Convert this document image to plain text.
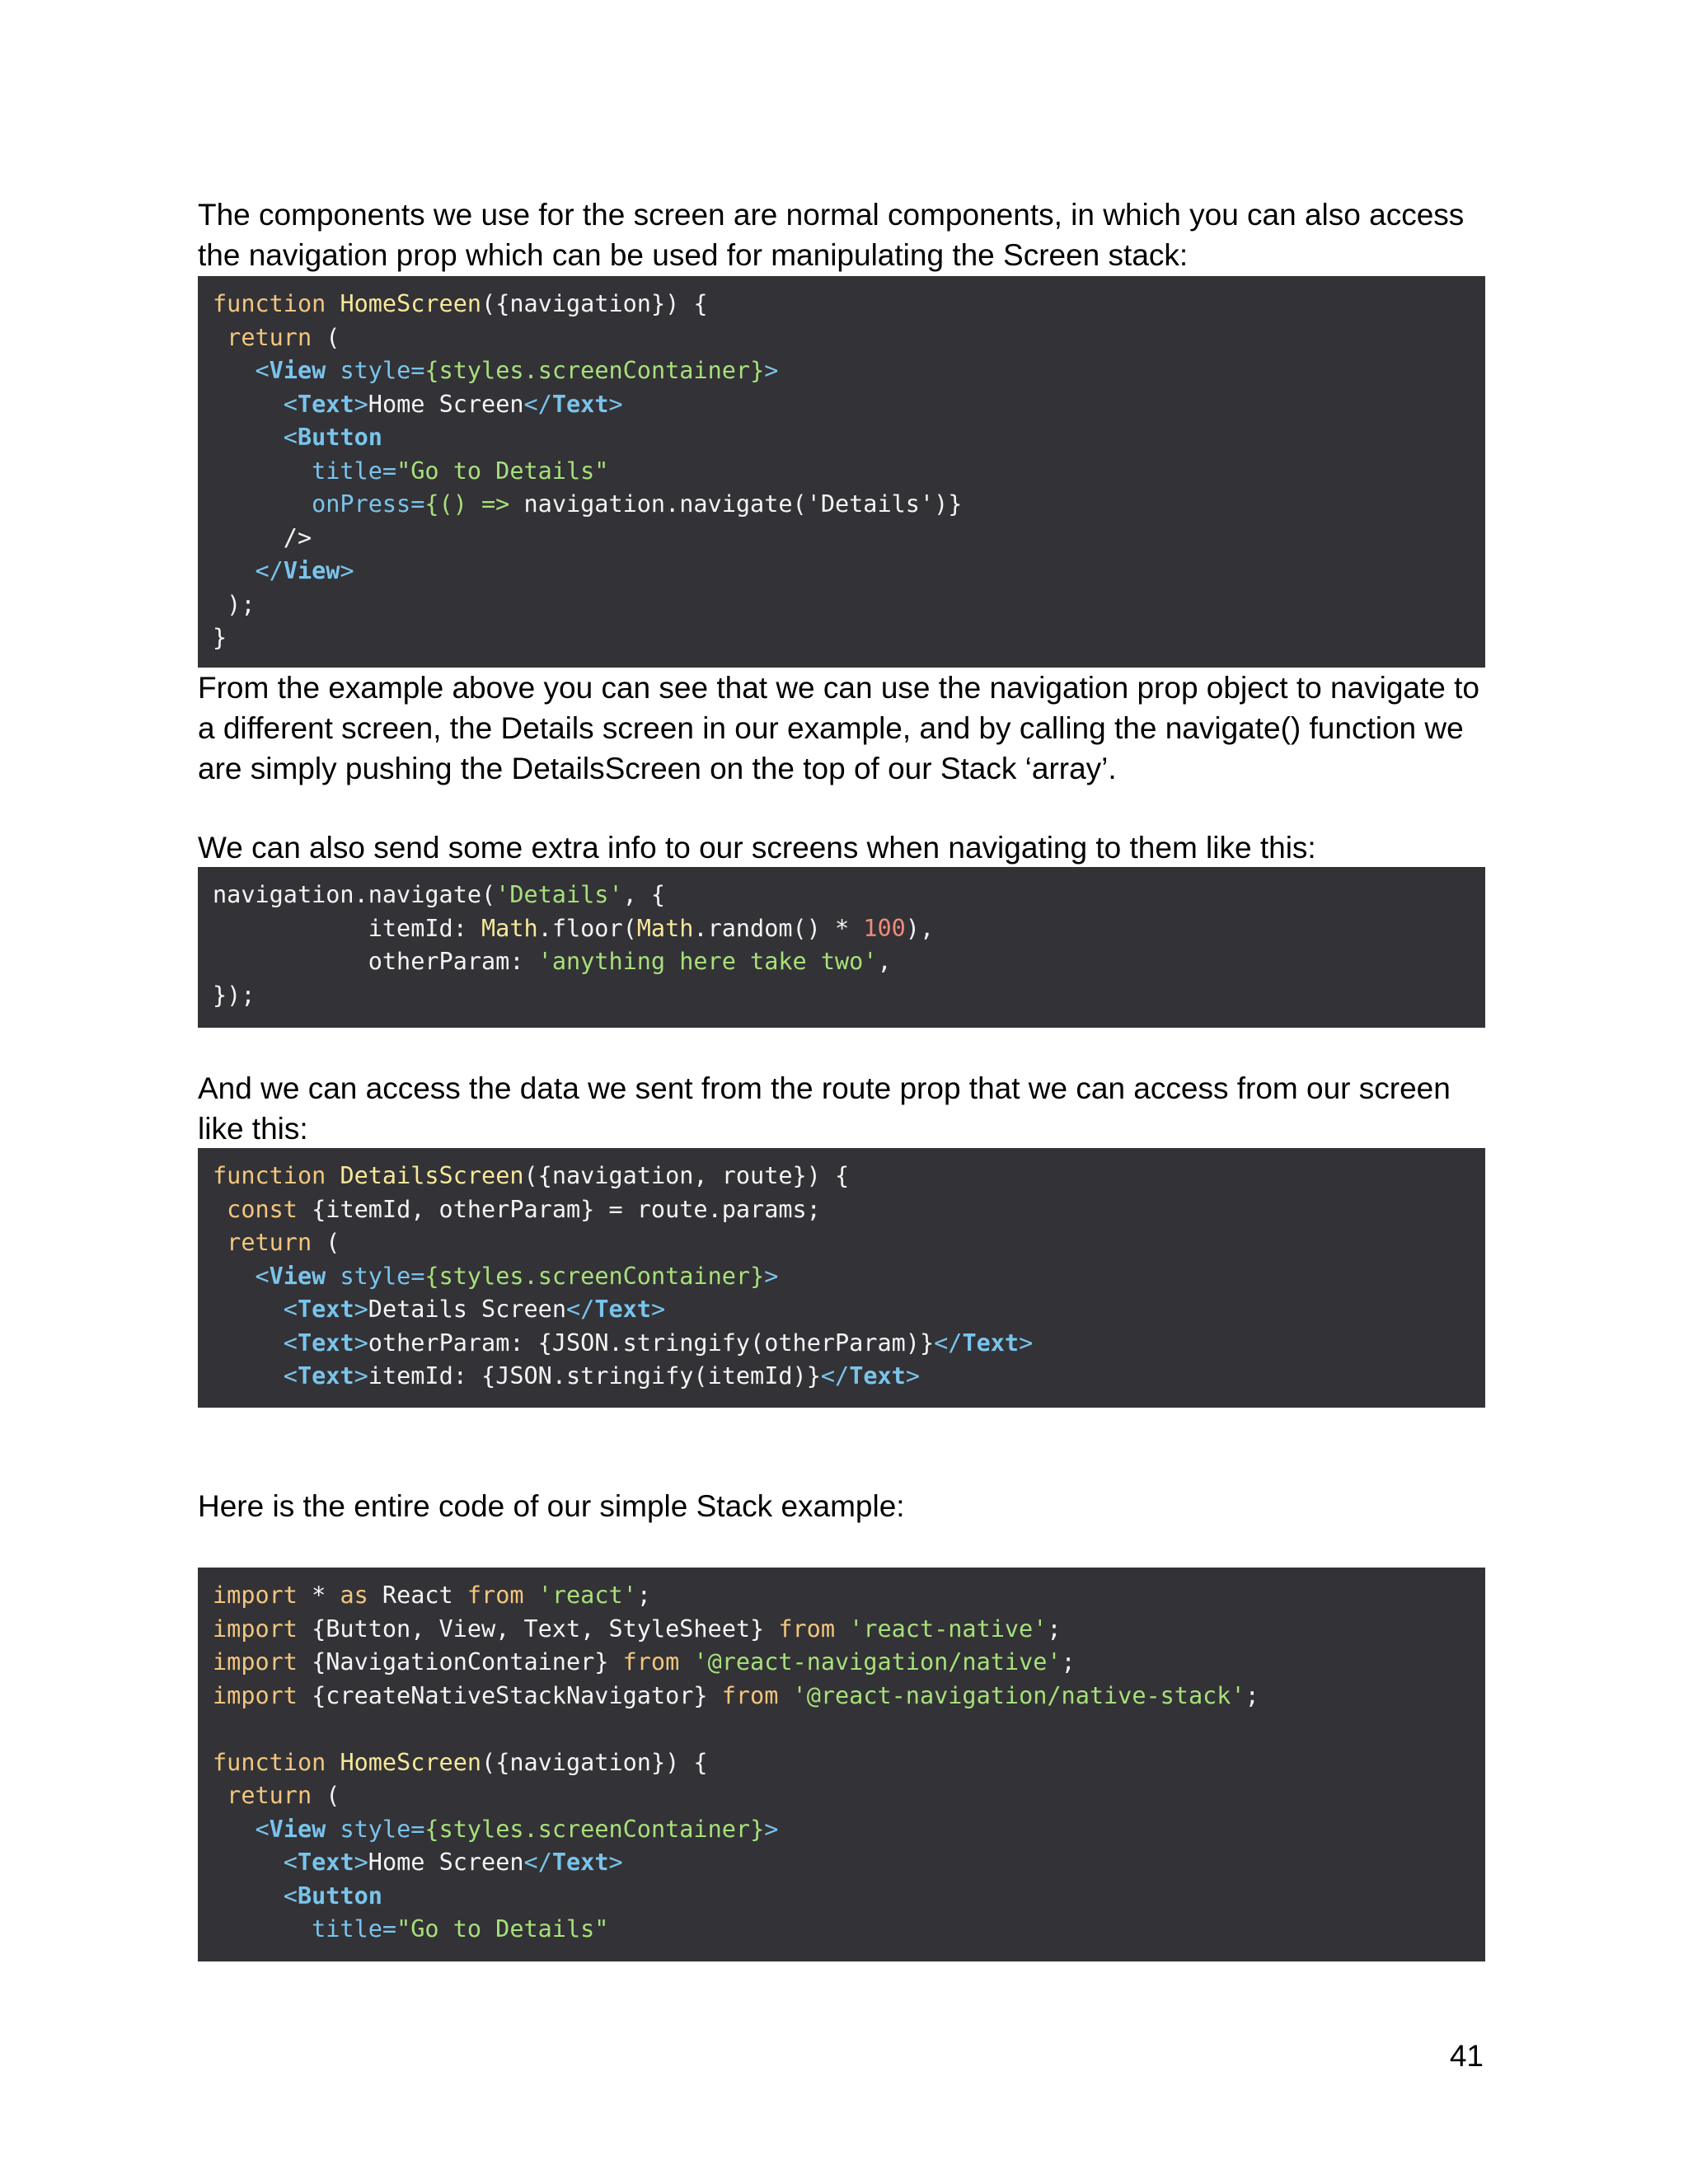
The components we use for the screen are normal components, in which you can also access
the navigation prop which can be used for manipulating the Screen stack:
function HomeScreen({navigation}) {
return (
<View style={styles.screenContainer}>
<Text>Home Screen</Text>
<Button
title="Go to Details"
onPress={() => navigation.navigate('Details')}
/>
</View>
);
}
From the example above you can see that we can use the navigation prop object to navigate to
a different screen, the Details screen in our example, and by calling the navigate() function we
are simply pushing the DetailsScreen on the top of our Stack ‘array’.
We can also send some extra info to our screens when navigating to them like this:
navigation.navigate('Details', {
itemId: Math.floor(Math.random() * 100),
otherParam: 'anything here take two',
});
And we can access the data we sent from the route prop that we can access from our screen
like this:
function DetailsScreen({navigation, route}) {
const {itemId, otherParam} = route.params;
return (
<View style={styles.screenContainer}>
<Text>Details Screen</Text>
<Text>otherParam: {JSON.stringify(otherParam)}</Text>
<Text>itemId: {JSON.stringify(itemId)}</Text>
Here is the entire code of our simple Stack example:
import * as React from 'react';
import {Button, View, Text, StyleSheet} from 'react-native';
import {NavigationContainer} from '@react-navigation/native';
import {createNativeStackNavigator} from '@react-navigation/native-stack';
function HomeScreen({navigation}) {
return (
<View style={styles.screenContainer}>
<Text>Home Screen</Text>
<Button
title="Go to Details"
41
